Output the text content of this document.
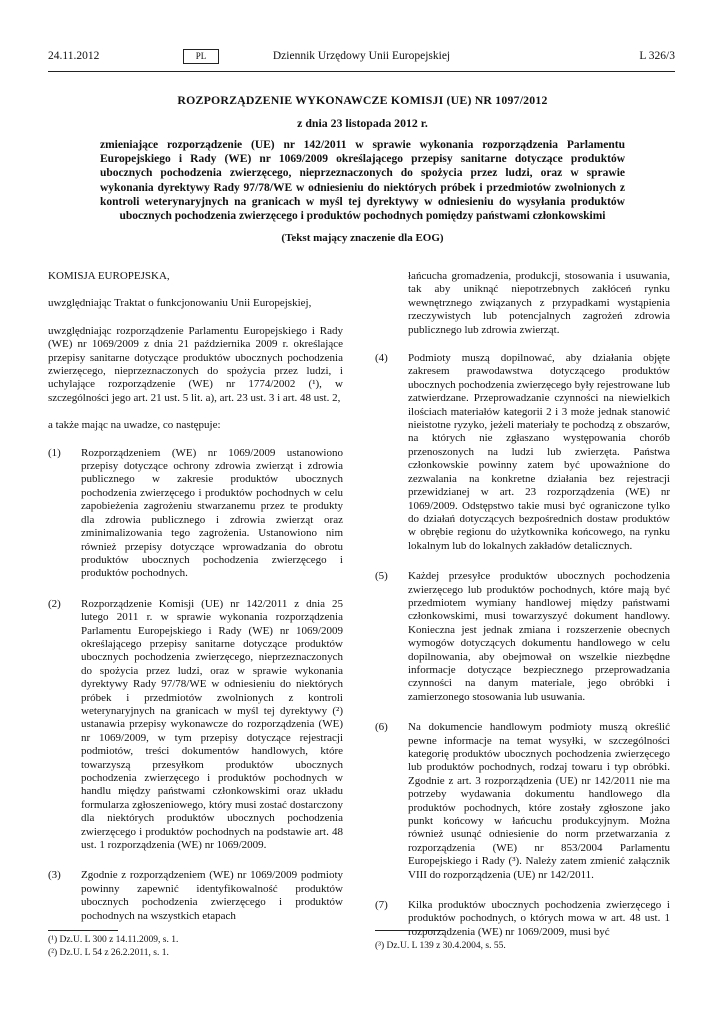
24.11.2012	PL	Dziennik Urzędowy Unii Europejskiej	L 326/3
ROZPORZĄDZENIE WYKONAWCZE KOMISJI (UE) NR 1097/2012
z dnia 23 listopada 2012 r.
zmieniające rozporządzenie (UE) nr 142/2011 w sprawie wykonania rozporządzenia Parlamentu Europejskiego i Rady (WE) nr 1069/2009 określającego przepisy sanitarne dotyczące produktów ubocznych pochodzenia zwierzęcego, nieprzeznaczonych do spożycia przez ludzi, oraz w sprawie wykonania dyrektywy Rady 97/78/WE w odniesieniu do niektórych próbek i przedmiotów zwolnionych z kontroli weterynaryjnych na granicach w myśl tej dyrektywy w odniesieniu do wysyłania produktów ubocznych pochodzenia zwierzęcego i produktów pochodnych pomiędzy państwami członkowskimi
(Tekst mający znaczenie dla EOG)

KOMISJA EUROPEJSKA,

uwzględniając Traktat o funkcjonowaniu Unii Europejskiej,

uwzględniając rozporządzenie Parlamentu Europejskiego i Rady (WE) nr 1069/2009 z dnia 21 października 2009 r. określające przepisy sanitarne dotyczące produktów ubocznych pochodzenia zwierzęcego, nieprzeznaczonych do spożycia przez ludzi, i uchylające rozporządzenie (WE) nr 1774/2002 (¹), w szczególności jego art. 21 ust. 5 lit. a), art. 23 ust. 3 i art. 48 ust. 2,

a także mając na uwadze, co następuje:

(1)	Rozporządzeniem (WE) nr 1069/2009 ustanowiono przepisy dotyczące ochrony zdrowia zwierząt i zdrowia publicznego w zakresie produktów ubocznych pochodzenia zwierzęcego i produktów pochodnych w celu zapobieżenia zagrożeniu stwarzanemu przez te produkty dla zdrowia publicznego i zdrowia zwierząt oraz zminimalizowania tego zagrożenia. Ustanowiono nim również przepisy dotyczące wprowadzania do obrotu produktów ubocznych pochodzenia zwierzęcego i produktów pochodnych.
(2)	Rozporządzenie Komisji (UE) nr 142/2011 z dnia 25 lutego 2011 r. w sprawie wykonania rozporządzenia Parlamentu Europejskiego i Rady (WE) nr 1069/2009 określającego przepisy sanitarne dotyczące produktów ubocznych pochodzenia zwierzęcego, nieprzeznaczonych do spożycia przez ludzi, oraz w sprawie wykonania dyrektywy Rady 97/78/WE w odniesieniu do niektórych próbek i przedmiotów zwolnionych z kontroli weterynaryjnych na granicach w myśl tej dyrektywy (²) ustanawia przepisy wykonawcze do rozporządzenia (WE) nr 1069/2009, w tym przepisy dotyczące rejestracji podmiotów, treści dokumentów handlowych, które towarzyszą przesyłkom produktów ubocznych pochodzenia zwierzęcego i produktów pochodnych w handlu między państwami członkowskimi oraz układu formularza zgłoszeniowego, który musi zostać dostarczony dla niektórych produktów ubocznych pochodzenia zwierzęcego i produktów pochodnych na podstawie art. 48 ust. 1 rozporządzenia (WE) nr 1069/2009.
(3)	Zgodnie z rozporządzeniem (WE) nr 1069/2009 podmioty powinny zapewnić identyfikowalność produktów ubocznych pochodzenia zwierzęcego i produktów pochodnych na wszystkich etapach
łańcucha gromadzenia, produkcji, stosowania i usuwania, tak aby uniknąć niepotrzebnych zakłóceń rynku wewnętrznego związanych z przypadkami wystąpienia rzeczywistych lub potencjalnych zagrożeń zdrowia publicznego lub zdrowia zwierząt.
(4)	Podmioty muszą dopilnować, aby działania objęte zakresem prawodawstwa dotyczącego produktów ubocznych pochodzenia zwierzęcego były rejestrowane lub zatwierdzane. Przeprowadzanie czynności na niewielkich ilościach materiałów kategorii 2 i 3 może jednak stanowić nieistotne ryzyko, jeżeli materiały te pochodzą z obszarów, na których nie zgłaszano występowania chorób przenoszonych na ludzi lub zwierzęta. Państwa członkowskie powinny zatem być upoważnione do zezwalania na konkretne działania bez rejestracji przewidzianej w art. 23 rozporządzenia (WE) nr 1069/2009. Odstępstwo takie musi być ograniczone tylko do działań dotyczących bezpośrednich dostaw produktów w obrębie regionu do użytkownika końcowego, na rynku lokalnym lub do lokalnych zakładów detalicznych.
(5)	Każdej przesyłce produktów ubocznych pochodzenia zwierzęcego lub produktów pochodnych, które mają być przedmiotem wymiany handlowej między państwami członkowskimi, musi towarzyszyć dokument handlowy. Konieczna jest jednak zmiana i rozszerzenie obecnych wymogów dotyczących dokumentu handlowego w celu dopilnowania, aby obejmował on wszelkie niezbędne informacje dotyczące bezpiecznego przeprowadzania czynności na danym materiale, jego obróbki i zamierzonego stosowania lub usuwania.
(6)	Na dokumencie handlowym podmioty muszą określić pewne informacje na temat wysyłki, w szczególności kategorię produktów ubocznych pochodzenia zwierzęcego lub produktów pochodnych, rodzaj towaru i typ obróbki. Zgodnie z art. 3 rozporządzenia (UE) nr 142/2011 nie ma potrzeby wydawania dokumentu handlowego dla produktów pochodnych, które zostały zgłoszone jako punkt końcowy w łańcuchu produkcyjnym. Można również usunąć odniesienie do norm przetwarzania z rozporządzenia (WE) nr 853/2004 Parlamentu Europejskiego i Rady (³). Należy zatem zmienić załącznik VIII do rozporządzenia (UE) nr 142/2011.
(7)	Kilka produktów ubocznych pochodzenia zwierzęcego i produktów pochodnych, o których mowa w art. 48 ust. 1 rozporządzenia (WE) nr 1069/2009, musi być
(¹) Dz.U. L 300 z 14.11.2009, s. 1.
(²) Dz.U. L 54 z 26.2.2011, s. 1.
(³) Dz.U. L 139 z 30.4.2004, s. 55.
